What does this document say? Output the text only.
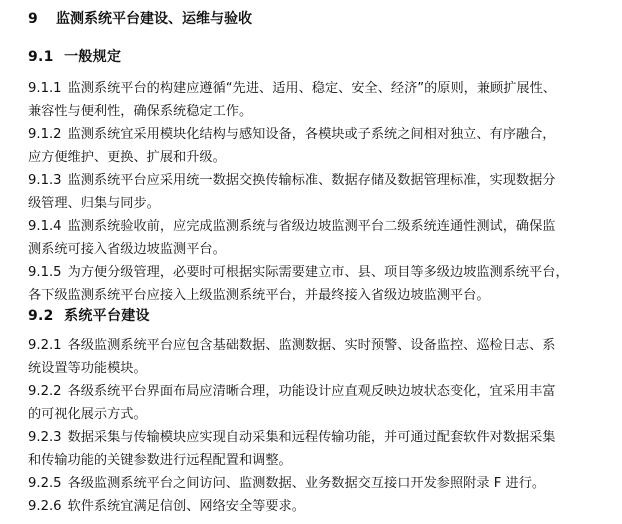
9 监测系统平台建设、运维与验收
9.1 一般规定
9.1.1 监测系统平台的构建应遵循“先进、适用、稳定、安全、经济”的原则，兼顾扩展性、
兼容性与便利性，确保系统稳定工作。
9.1.2 监测系统宜采用模块化结构与感知设备，各模块或子系统之间相对独立、有序融合，
应方便维护、更换、扩展和升级。
9.1.3 监测系统平台应采用统一数据交换传输标准、数据存储及数据管理标准，实现数据分
级管理、归集与同步。
9.1.4 监测系统验收前，应完成监测系统与省级边坡监测平台二级系统连通性测试，确保监
测系统可接入省级边坡监测平台。
9.1.5 为方便分级管理，必要时可根据实际需要建立市、县、项目等多级边坡监测系统平台，
各下级监测系统平台应接入上级监测系统平台，并最终接入省级边坡监测平台。
9.2 系统平台建设
9.2.1 各级监测系统平台应包含基础数据、监测数据、实时预警、设备监控、巡检日志、系
统设置等功能模块。
9.2.2 各级系统平台界面布局应清晰合理，功能设计应直观反映边坡状态变化，宜采用丰富
的可视化展示方式。
9.2.3 数据采集与传输模块应实现自动采集和远程传输功能，并可通过配套软件对数据采集
和传输功能的关键参数进行远程配置和调整。
9.2.5 各级监测系统平台之间访问、监测数据、业务数据交互接口开发参照附录 F 进行。
9.2.6 软件系统宜满足信创、网络安全等要求。
